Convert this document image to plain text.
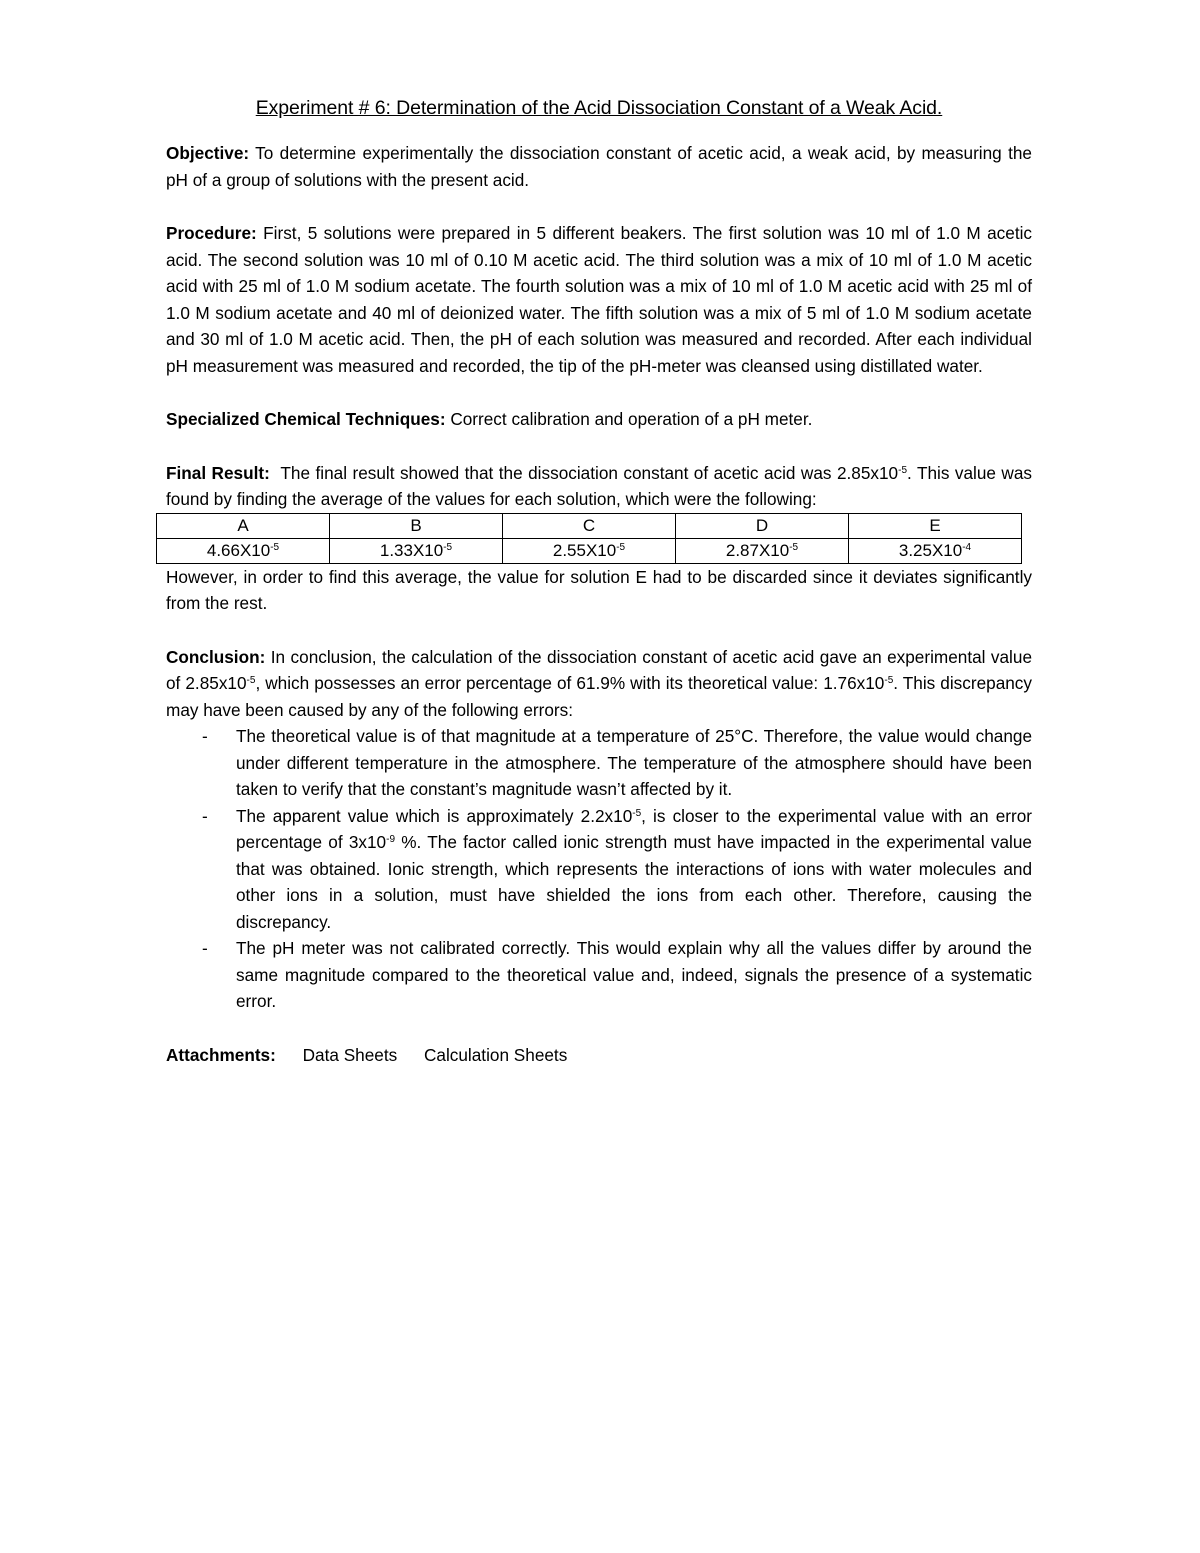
Experiment # 6: Determination of the Acid Dissociation Constant of a Weak Acid.

Objective: To determine experimentally the dissociation constant of acetic acid, a weak acid, by measuring the pH of a group of solutions with the present acid.

Procedure: First, 5 solutions were prepared in 5 different beakers. The first solution was 10 ml of 1.0 M acetic acid. The second solution was 10 ml of 0.10 M acetic acid. The third solution was a mix of 10 ml of 1.0 M acetic acid with 25 ml of 1.0 M sodium acetate. The fourth solution was a mix of 10 ml of 1.0 M acetic acid with 25 ml of 1.0 M sodium acetate and 40 ml of deionized water. The fifth solution was a mix of 5 ml of 1.0 M sodium acetate and 30 ml of 1.0 M acetic acid. Then, the pH of each solution was measured and recorded. After each individual pH measurement was measured and recorded, the tip of the pH-meter was cleansed using distillated water.

Specialized Chemical Techniques: Correct calibration and operation of a pH meter.

Final Result: The final result showed that the dissociation constant of acetic acid was $2.85x10^{-5}$. This value was found by finding the average of the values for each solution, which were the following:

A	B	C	D	E
$4.66X10^{-5}$	$1.33X10^{-5}$	$2.55X10^{-5}$	$2.87X10^{-5}$	$3.25X10^{-4}$

However, in order to find this average, the value for solution E had to be discarded since it deviates significantly from the rest.

Conclusion: In conclusion, the calculation of the dissociation constant of acetic acid gave an experimental value of $2.85x10^{-5}$, which possesses an error percentage of 61.9% with its theoretical value: $1.76x10^{-5}$. This discrepancy may have been caused by any of the following errors:

- The theoretical value is of that magnitude at a temperature of 25°C. Therefore, the value would change under different temperature in the atmosphere. The temperature of the atmosphere should have been taken to verify that the constant’s magnitude wasn’t affected by it.
- The apparent value which is approximately $2.2x10^{-5}$, is closer to the experimental value with an error percentage of $3x10^{-9}$ %. The factor called ionic strength must have impacted in the experimental value that was obtained. Ionic strength, which represents the interactions of ions with water molecules and other ions in a solution, must have shielded the ions from each other. Therefore, causing the discrepancy.
- The pH meter was not calibrated correctly. This would explain why all the values differ by around the same magnitude compared to the theoretical value and, indeed, signals the presence of a systematic error.

Attachments: Data Sheets Calculation Sheets
